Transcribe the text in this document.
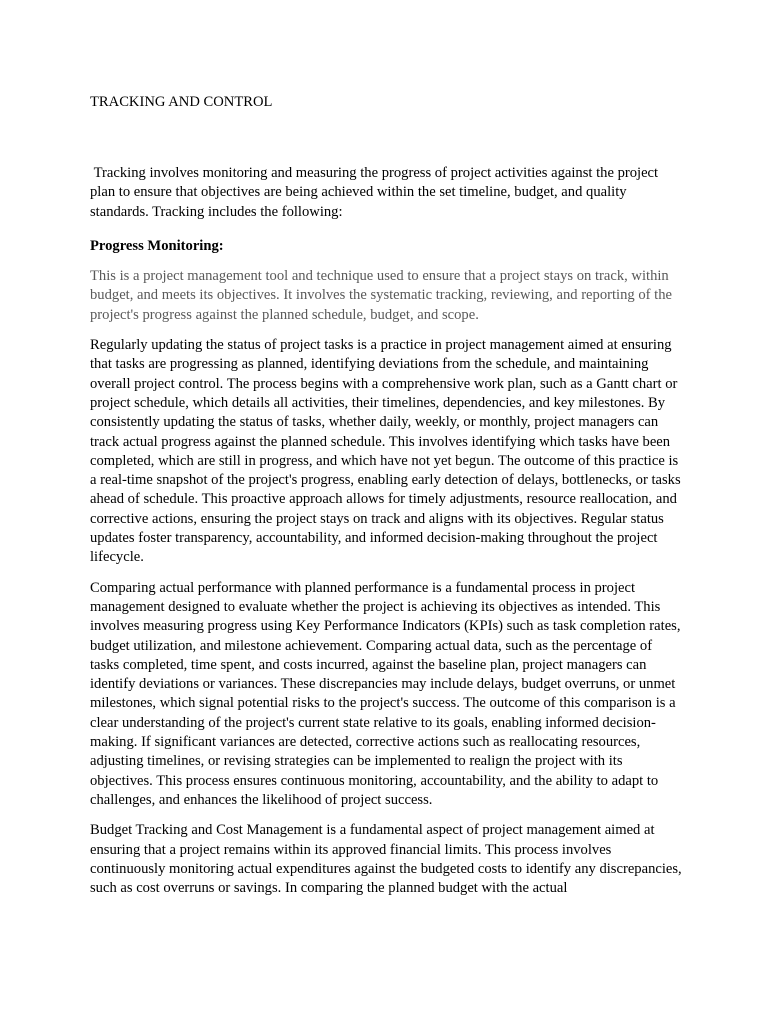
TRACKING AND CONTROL

Tracking involves monitoring and measuring the progress of project activities against the project plan to ensure that objectives are being achieved within the set timeline, budget, and quality standards. Tracking includes the following:

Progress Monitoring:

This is a project management tool and technique used to ensure that a project stays on track, within budget, and meets its objectives. It involves the systematic tracking, reviewing, and reporting of the project's progress against the planned schedule, budget, and scope.

Regularly updating the status of project tasks is a practice in project management aimed at ensuring that tasks are progressing as planned, identifying deviations from the schedule, and maintaining overall project control. The process begins with a comprehensive work plan, such as a Gantt chart or project schedule, which details all activities, their timelines, dependencies, and key milestones. By consistently updating the status of tasks, whether daily, weekly, or monthly, project managers can track actual progress against the planned schedule. This involves identifying which tasks have been completed, which are still in progress, and which have not yet begun. The outcome of this practice is a real-time snapshot of the project's progress, enabling early detection of delays, bottlenecks, or tasks ahead of schedule. This proactive approach allows for timely adjustments, resource reallocation, and corrective actions, ensuring the project stays on track and aligns with its objectives. Regular status updates foster transparency, accountability, and informed decision-making throughout the project lifecycle.

Comparing actual performance with planned performance is a fundamental process in project management designed to evaluate whether the project is achieving its objectives as intended. This involves measuring progress using Key Performance Indicators (KPIs) such as task completion rates, budget utilization, and milestone achievement. Comparing actual data, such as the percentage of tasks completed, time spent, and costs incurred, against the baseline plan, project managers can identify deviations or variances. These discrepancies may include delays, budget overruns, or unmet milestones, which signal potential risks to the project's success. The outcome of this comparison is a clear understanding of the project's current state relative to its goals, enabling informed decision-making. If significant variances are detected, corrective actions such as reallocating resources, adjusting timelines, or revising strategies can be implemented to realign the project with its objectives. This process ensures continuous monitoring, accountability, and the ability to adapt to challenges, and enhances the likelihood of project success.

Budget Tracking and Cost Management is a fundamental aspect of project management aimed at ensuring that a project remains within its approved financial limits. This process involves continuously monitoring actual expenditures against the budgeted costs to identify any discrepancies, such as cost overruns or savings. In comparing the planned budget with the actual
